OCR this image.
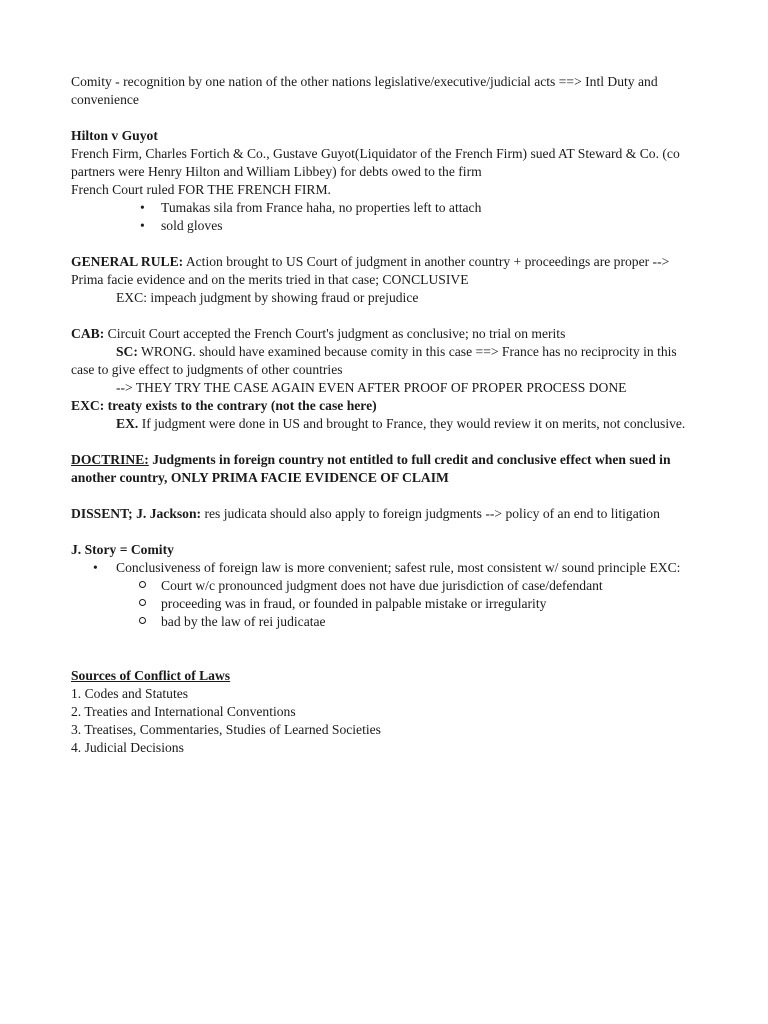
Comity - recognition by one nation of the other nations legislative/executive/judicial acts ==> Intl Duty and convenience

Hilton v Guyot

French Firm, Charles Fortich & Co., Gustave Guyot(Liquidator of the French Firm) sued AT Steward & Co. (co partners were Henry Hilton and William Libbey) for debts owed to the firm

French Court ruled FOR THE FRENCH FIRM.

• Tumakas sila from France haha, no properties left to attach
• sold gloves

GENERAL RULE: Action brought to US Court of judgment in another country + proceedings are proper --> Prima facie evidence and on the merits tried in that case; CONCLUSIVE

EXC: impeach judgment by showing fraud or prejudice

CAB: Circuit Court accepted the French Court's judgment as conclusive; no trial on merits

SC: WRONG. should have examined because comity in this case ==> France has no reciprocity in this case to give effect to judgments of other countries

--> THEY TRY THE CASE AGAIN EVEN AFTER PROOF OF PROPER PROCESS DONE

EXC: treaty exists to the contrary (not the case here)

EX. If judgment were done in US and brought to France, they would review it on merits, not conclusive.

DOCTRINE: Judgments in foreign country not entitled to full credit and conclusive effect when sued in another country, ONLY PRIMA FACIE EVIDENCE OF CLAIM

DISSENT; J. Jackson: res judicata should also apply to foreign judgments --> policy of an end to litigation

J. Story = Comity

• Conclusiveness of foreign law is more convenient; safest rule, most consistent w/ sound principle EXC:
Court w/c pronounced judgment does not have due jurisdiction of case/defendant
proceeding was in fraud, or founded in palpable mistake or irregularity
bad by the law of rei judicatae

Sources of Conflict of Laws

1. Codes and Statutes

2. Treaties and International Conventions

3. Treatises, Commentaries, Studies of Learned Societies

4. Judicial Decisions
